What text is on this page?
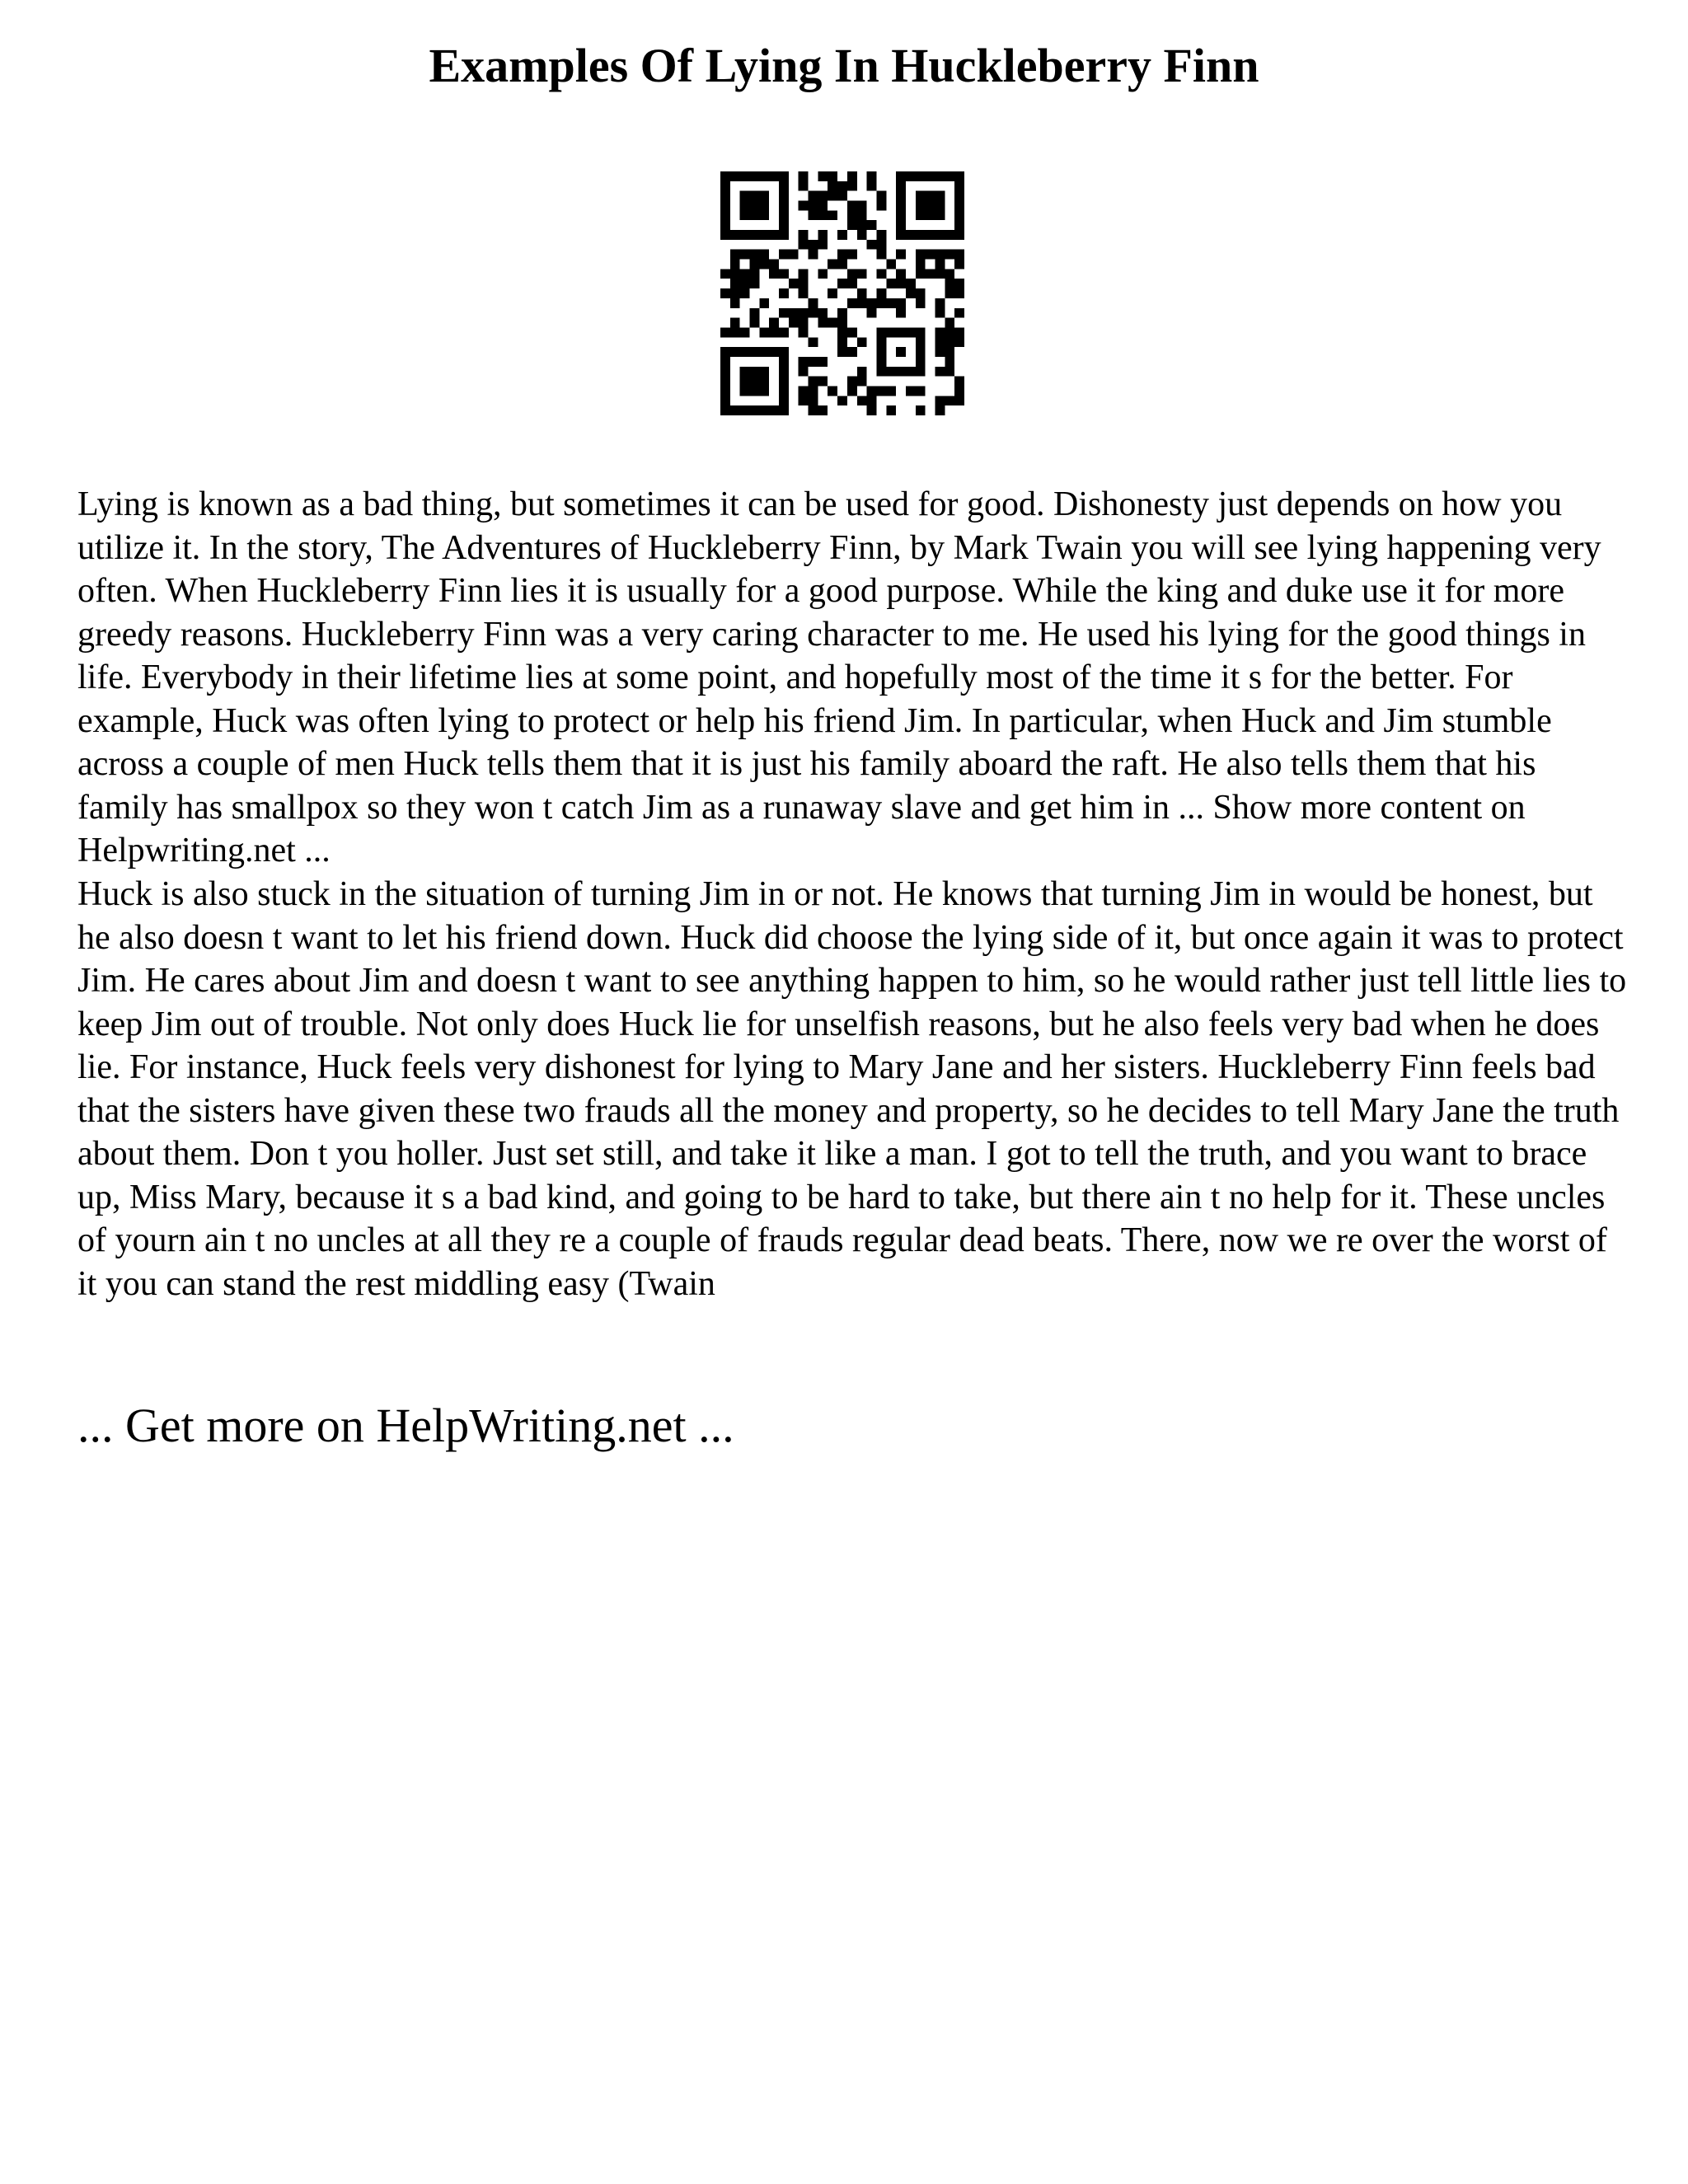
Examples Of Lying In Huckleberry Finn

Lying is known as a bad thing, but sometimes it can be used for good. Dishonesty just depends on how you utilize it. In the story, The Adventures of Huckleberry Finn, by Mark Twain you will see lying happening very often. When Huckleberry Finn lies it is usually for a good purpose. While the king and duke use it for more greedy reasons. Huckleberry Finn was a very caring character to me. He used his lying for the good things in life. Everybody in their lifetime lies at some point, and hopefully most of the time it s for the better. For example, Huck was often lying to protect or help his friend Jim. In particular, when Huck and Jim stumble across a couple of men Huck tells them that it is just his family aboard the raft. He also tells them that his family has smallpox so they won t catch Jim as a runaway slave and get him in ... Show more content on Helpwriting.net ...

Huck is also stuck in the situation of turning Jim in or not. He knows that turning Jim in would be honest, but he also doesn t want to let his friend down. Huck did choose the lying side of it, but once again it was to protect Jim. He cares about Jim and doesn t want to see anything happen to him, so he would rather just tell little lies to keep Jim out of trouble. Not only does Huck lie for unselfish reasons, but he also feels very bad when he does lie. For instance, Huck feels very dishonest for lying to Mary Jane and her sisters. Huckleberry Finn feels bad that the sisters have given these two frauds all the money and property, so he decides to tell Mary Jane the truth about them. Don t you holler. Just set still, and take it like a man. I got to tell the truth, and you want to brace up, Miss Mary, because it s a bad kind, and going to be hard to take, but there ain t no help for it. These uncles of yourn ain t no uncles at all they re a couple of frauds regular dead beats. There, now we re over the worst of it you can stand the rest middling easy (Twain

... Get more on HelpWriting.net ...
